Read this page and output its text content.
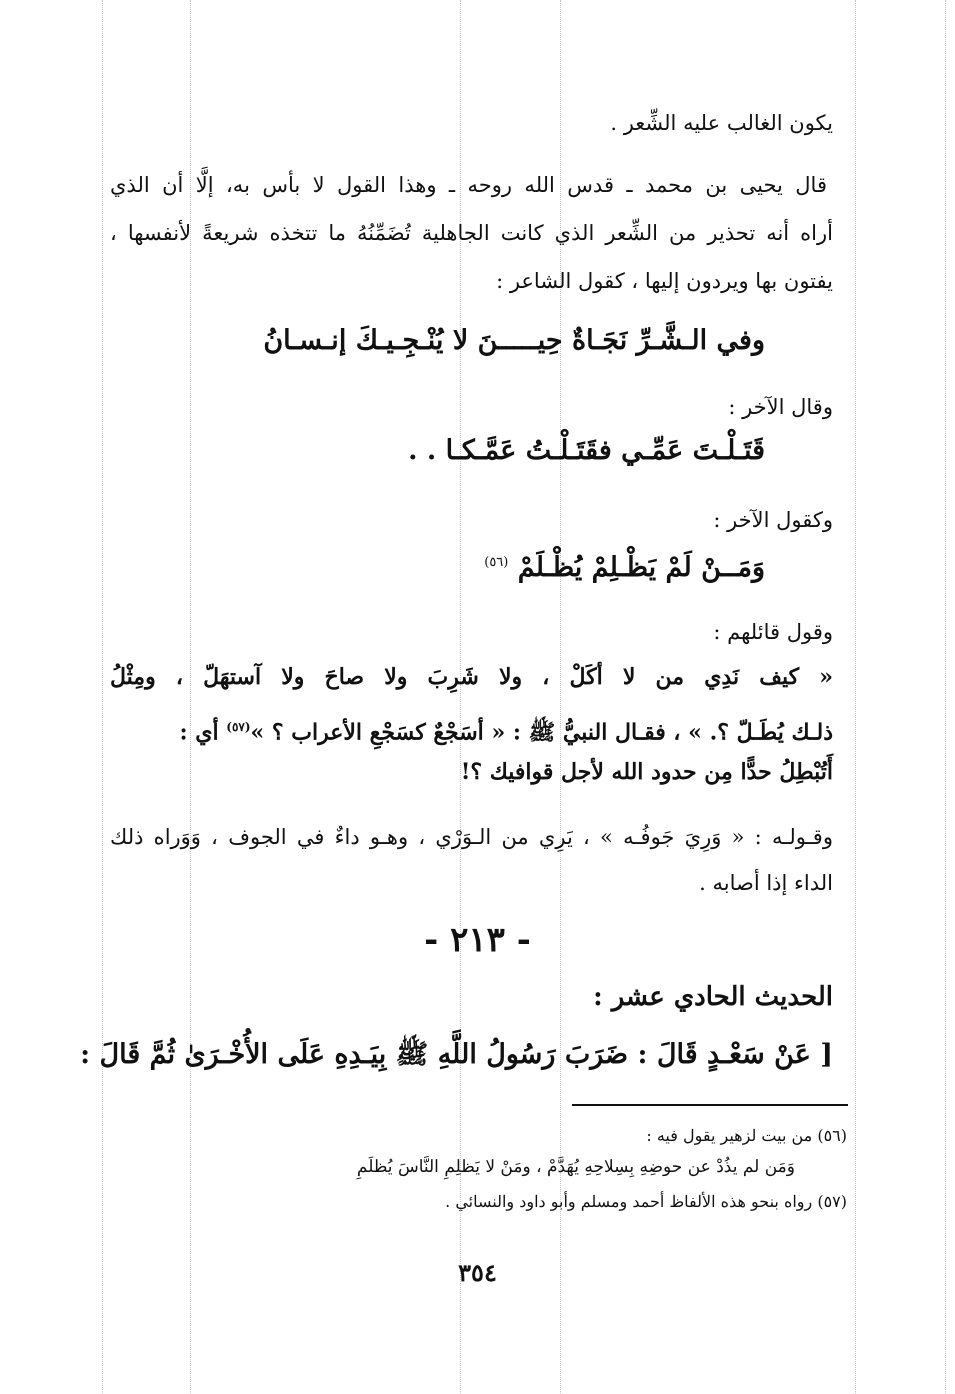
يكون الغالب عليه الشِّعر .
قال يحيى بن محمد ـ قدس الله روحه ـ وهذا القول لا بأس به، إلَّا أن الذي
أراه أنه تحذير من الشِّعر الذي كانت الجاهلية تُضَمِّنُهُ ما تتخذه شريعةً لأنفسها ،
يفتون بها ويردون إليها ، كقول الشاعر :
وفي الـشَّـرِّ نَجَـاةٌ حِيـــــنَ لا يُنْـجِـيـكَ إنـسـانُ
وقال الآخر :
قَتَـلْـتَ عَمِّـي فقَتَـلْـتُ عَمَّـكـا . .
وكقول الآخر :
وَمَــنْ لَمْ يَظْـلِمْ يُظْـلَمْ $^{(٥٦)}$
وقول قائلهم :
« كيف نَدِي من لا أكَلْ ، ولا شَرِبَ ولا صاحَ ولا آستهَلّ ، ومِثْلُ
ذلـك يُطَـلّ ؟. » ، فقـال النبيُّ ﷺ : « أسَجْعٌ كسَجْعِ الأعراب ؟ »$^{(٥٧)}$ أي :
أَتُبْطِلُ حدًّا مِن حدود الله لأجل قوافيك ؟!
وقـولـه : « وَرِيَ جَوفُـه » ، يَرِي من الـوَرْي ، وهـو داءٌ في الجوف ، وَوَراه ذلك
الداء إذا أصابه .
- ٢١٣ -
الحديث الحادي عشر :
[ عَنْ سَعْـدٍ قَالَ : ضَرَبَ رَسُولُ اللَّهِ ﷺ بِيَـدِهِ عَلَى الأُخْـرَىٰ ثُمَّ قَالَ :
(٥٦) من بيت لزهير يقول فيه :
وَمَن لم يذُدْ عن حوضِهِ بِسِلاحِهِ يُهَدَّمْ ، ومَنْ لا يَظلِمِ النَّاسَ يُظلَمِ
(٥٧) رواه بنحو هذه الألفاظ أحمد ومسلم وأبو داود والنسائي .
٣٥٤
